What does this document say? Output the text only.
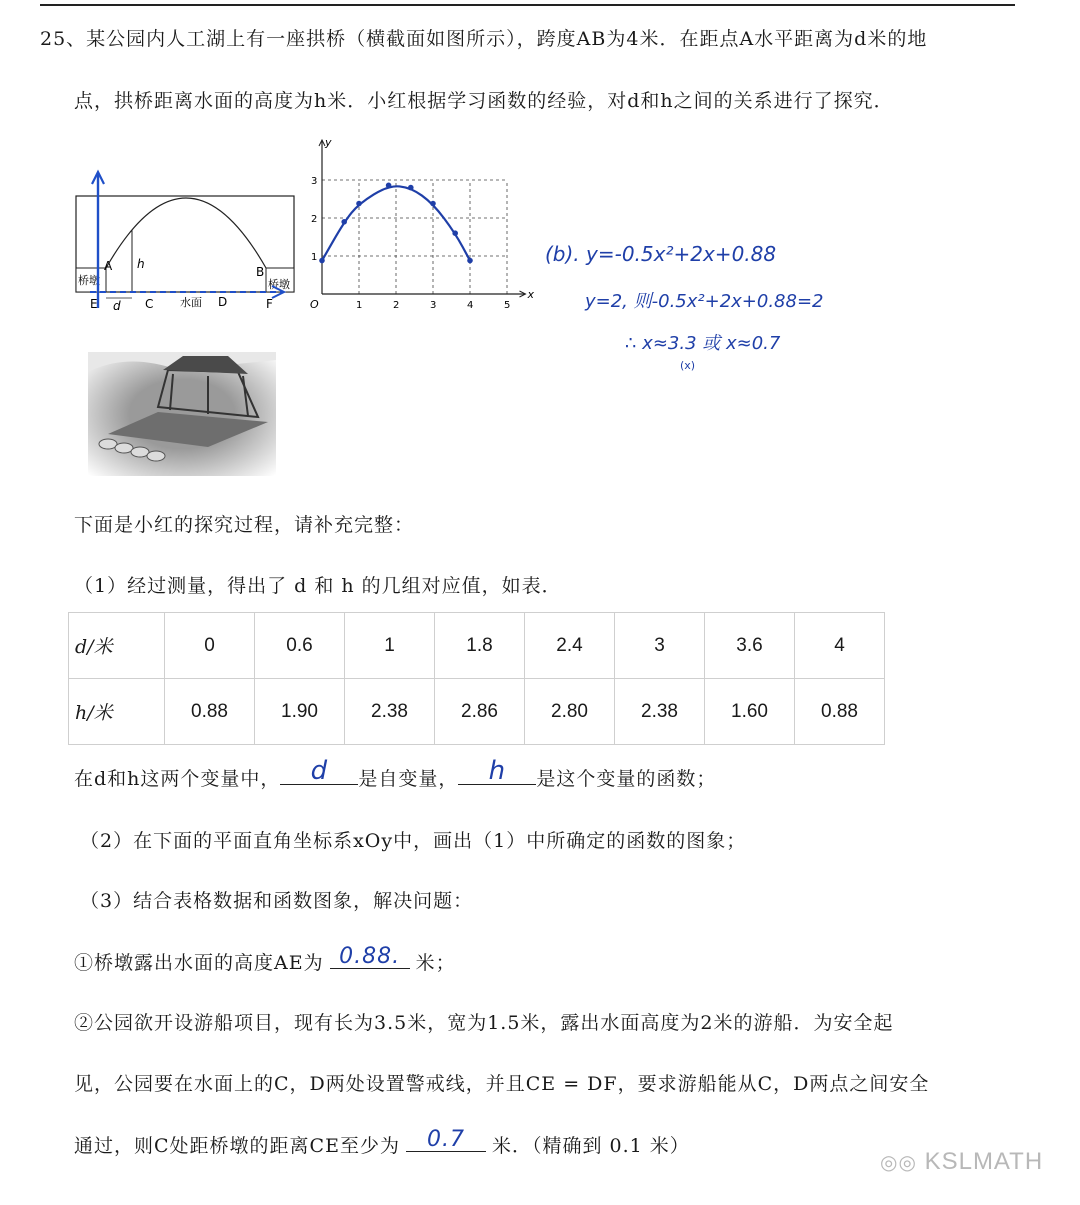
25、某公园内人工湖上有一座拱桥（横截面如图所示），跨度AB为4米．在距点A水平距离为d米的地
点，拱桥距离水面的高度为h米．小红根据学习函数的经验，对d和h之间的关系进行了探究．
桥墩	桥墩
h
A	B
d
E	C 水面 D	F
x
y
O	1	2	3	4	5
1
2
3
(b). y=-0.5x²+2x+0.88
y=2, 则-0.5x²+2x+0.88=2
∴ x≈3.3 或 x≈0.7
(x)
下面是小红的探究过程，请补充完整：
（1）经过测量，得出了 d 和 h 的几组对应值，如表．
d/米	0	0.6	1	1.8	2.4	3	3.6	4
h/米	0.88	1.90	2.38	2.86	2.80	2.38	1.60	0.88
在d和h这两个变量中，	d	是自变量，	h	是这个变量的函数；
（2）在下面的平面直角坐标系xOy中，画出（1）中所确定的函数的图象；
（3）结合表格数据和函数图象，解决问题：
①桥墩露出水面的高度AE为 0.88. 米；
②公园欲开设游船项目，现有长为3.5米，宽为1.5米，露出水面高度为2米的游船．为安全起
见，公园要在水面上的C，D两处设置警戒线，并且CE = DF，要求游船能从C，D两点之间安全
通过，则C处距桥墩的距离CE至少为	0.7	米．（精确到 0.1 米）
◎◎ KSLMATH
